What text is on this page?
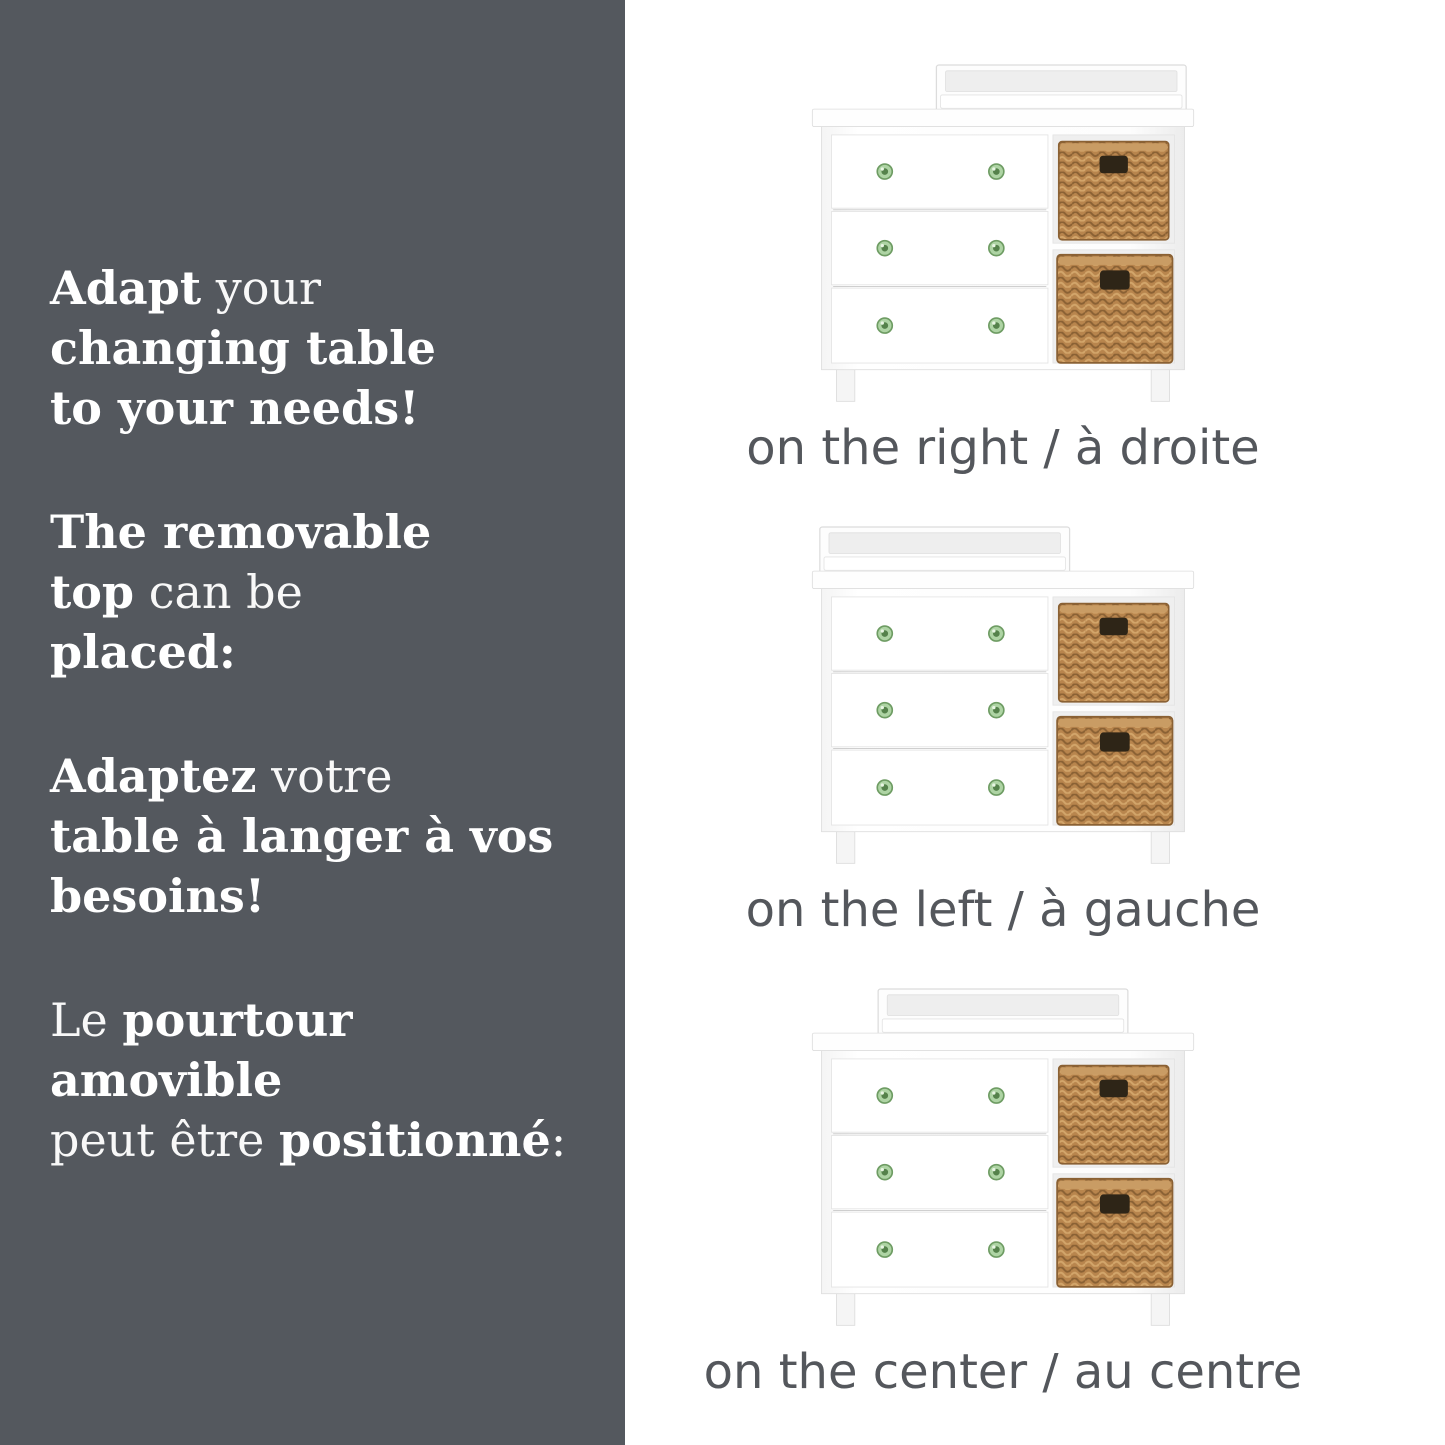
Adapt your
changing table
to your needs!

The removable
top can be
placed:

Adaptez votre
table à langer à vos
besoins!

Le pourtour amovible
peut être positionné:

on the right / à droite
on the left / à gauche
on the center / au centre
